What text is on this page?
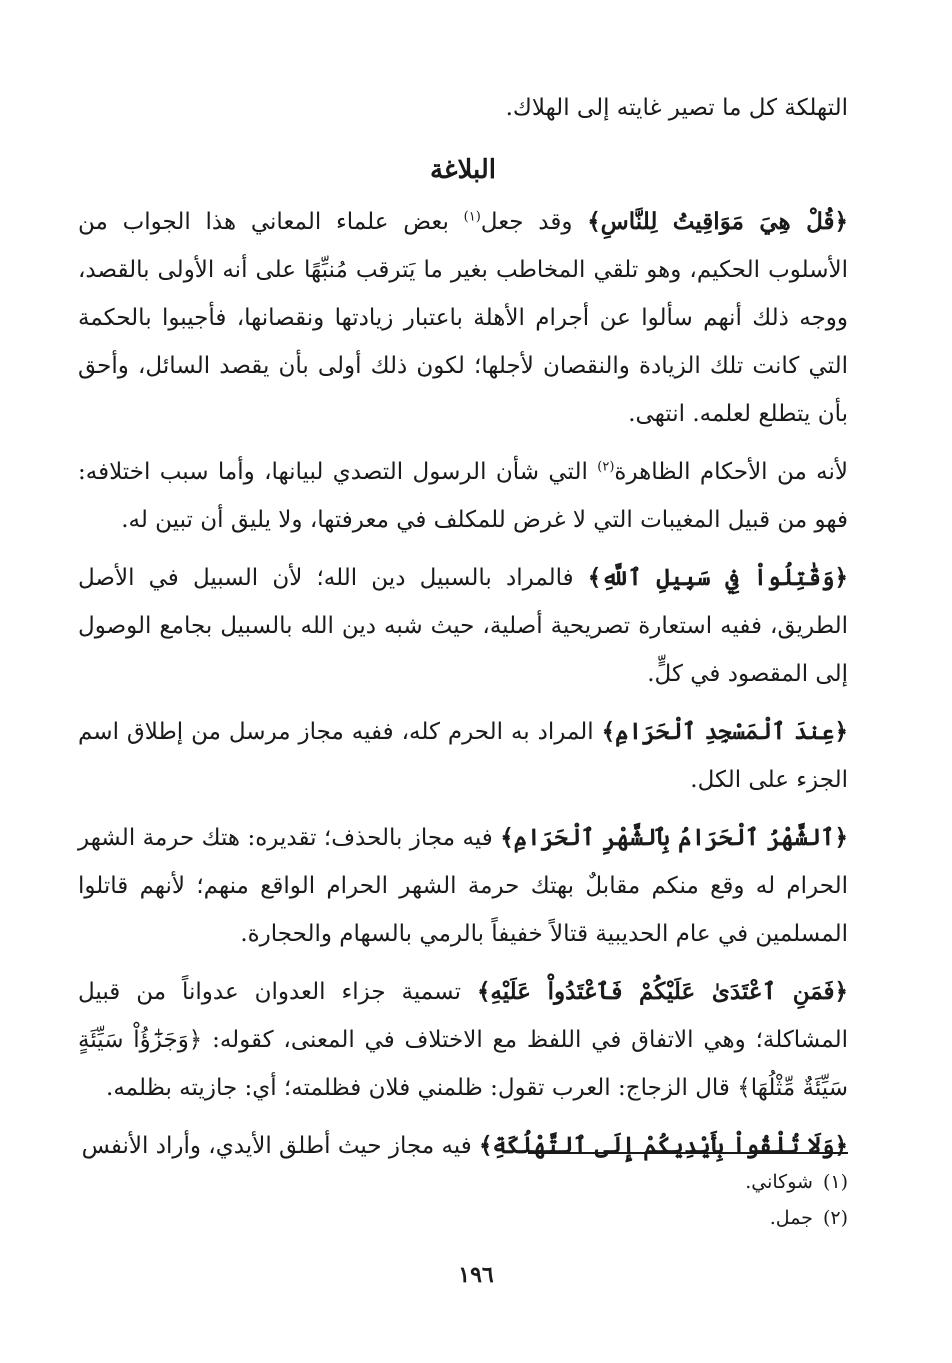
التهلكة كل ما تصير غايته إلى الهلاك.
البلاغة
﴿قُلْ هِيَ مَوَاقِيتُ لِلنَّاسِ﴾ وقد جعل$^{(١)}$ بعض علماء المعاني هذا الجواب من الأسلوب الحكيم، وهو تلقي المخاطب بغير ما يَترقب مُنبِّهًا على أنه الأولى بالقصد، ووجه ذلك أنهم سألوا عن أجرام الأهلة باعتبار زيادتها ونقصانها، فأجيبوا بالحكمة التي كانت تلك الزيادة والنقصان لأجلها؛ لكون ذلك أولى بأن يقصد السائل، وأحق بأن يتطلع لعلمه. انتهى.
لأنه من الأحكام الظاهرة$^{(٢)}$ التي شأن الرسول التصدي لبيانها، وأما سبب اختلافه: فهو من قبيل المغيبات التي لا غرض للمكلف في معرفتها، ولا يليق أن تبين له.
﴿وَقَٰتِلُواْ فِي سَبِيلِ ٱللَّهِ﴾ فالمراد بالسبيل دين الله؛ لأن السبيل في الأصل الطريق، ففيه استعارة تصريحية أصلية، حيث شبه دين الله بالسبيل بجامع الوصول إلى المقصود في كلٍّ.
﴿عِندَ ٱلْمَسْجِدِ ٱلْحَرَامِ﴾ المراد به الحرم كله، ففيه مجاز مرسل من إطلاق اسم الجزء على الكل.
﴿ٱلشَّهْرُ ٱلْحَرَامُ بِٱلشَّهْرِ ٱلْحَرَامِ﴾ فيه مجاز بالحذف؛ تقديره: هتك حرمة الشهر الحرام له وقع منكم مقابلٌ بهتك حرمة الشهر الحرام الواقع منهم؛ لأنهم قاتلوا المسلمين في عام الحديبية قتالاً خفيفاً بالرمي بالسهام والحجارة.
﴿فَمَنِ ٱعْتَدَىٰ عَلَيْكُمْ فَٱعْتَدُواْ عَلَيْهِ﴾ تسمية جزاء العدوان عدواناً من قبيل المشاكلة؛ وهي الاتفاق في اللفظ مع الاختلاف في المعنى، كقوله: ﴿وَجَزَٰٓؤُاْ سَيِّئَةٍ سَيِّئَةٌ مِّثْلُهَا﴾ قال الزجاج: العرب تقول: ظلمني فلان فظلمته؛ أي: جازيته بظلمه.
﴿وَلَا تُلْقُواْ بِأَيْدِيكُمْ إِلَى ٱلتَّهْلُكَةِ﴾ فيه مجاز حيث أطلق الأيدي، وأراد الأنفس
(١)شوكاني.
(٢)جمل.
١٩٦
